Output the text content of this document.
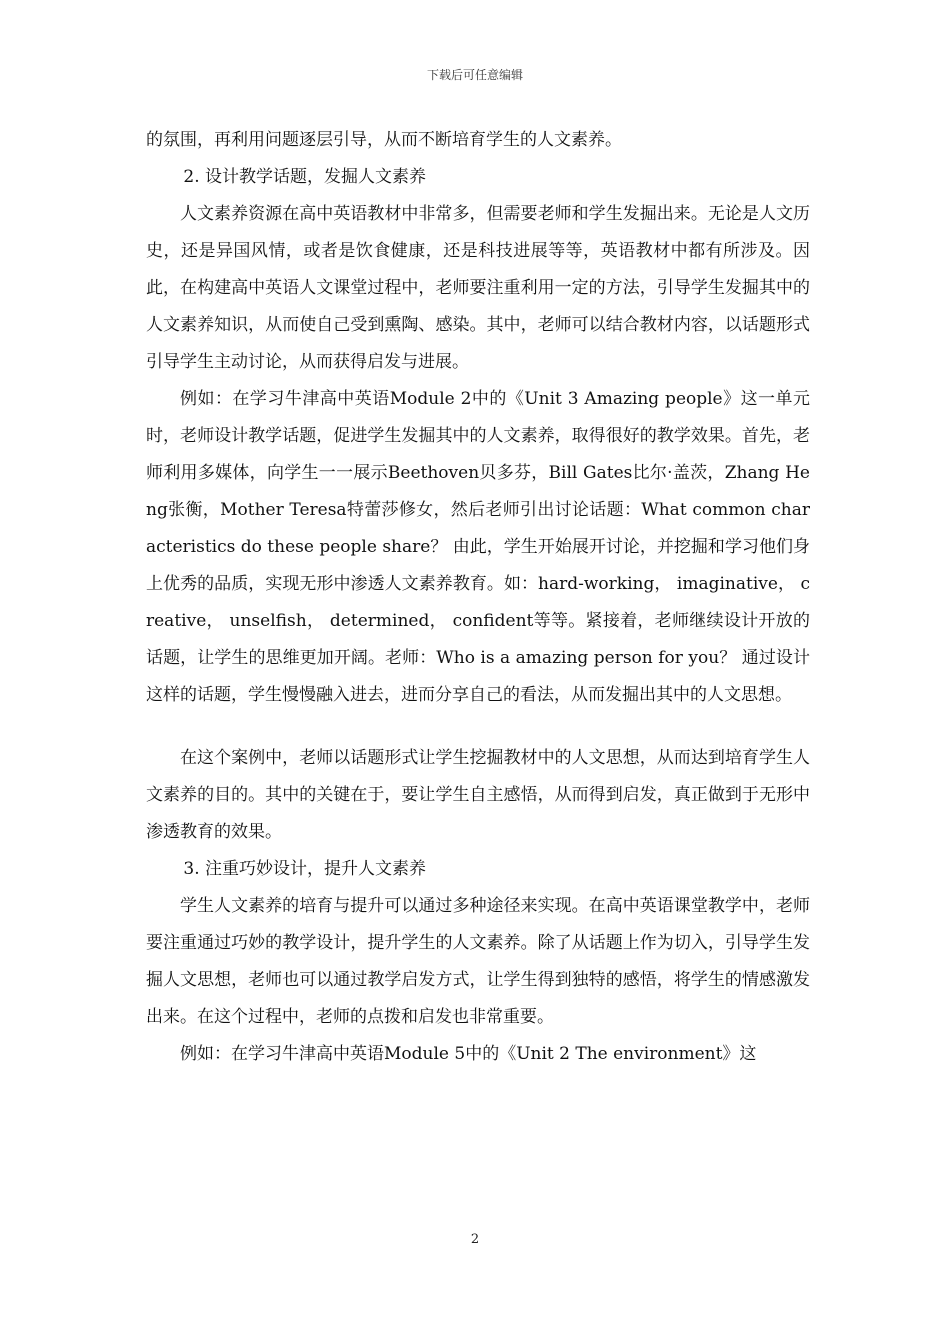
下载后可任意编辑

的氛围，再利用问题逐层引导，从而不断培育学生的人文素养。

2. 设计教学话题，发掘人文素养

人文素养资源在高中英语教材中非常多，但需要老师和学生发掘出来。无论是人文历史，还是异国风情，或者是饮食健康，还是科技进展等等，英语教材中都有所涉及。因此，在构建高中英语人文课堂过程中，老师要注重利用一定的方法，引导学生发掘其中的人文素养知识，从而使自己受到熏陶、感染。其中，老师可以结合教材内容，以话题形式引导学生主动讨论，从而获得启发与进展。

例如：在学习牛津高中英语Module 2中的《Unit 3 Amazing people》这一单元时，老师设计教学话题，促进学生发掘其中的人文素养，取得很好的教学效果。首先，老师利用多媒体，向学生一一展示Beethoven贝多芬，Bill Gates比尔·盖茨，Zhang Heng张衡，Mother Teresa特蕾莎修女，然后老师引出讨论话题：What common characteristics do these people share？ 由此，学生开始展开讨论，并挖掘和学习他们身上优秀的品质，实现无形中渗透人文素养教育。如：hard-working， imaginative， creative， unselfish， determined， confident等等。紧接着，老师继续设计开放的话题，让学生的思维更加开阔。老师：Who is a amazing person for you？ 通过设计这样的话题，学生慢慢融入进去，进而分享自己的看法，从而发掘出其中的人文思想。

在这个案例中，老师以话题形式让学生挖掘教材中的人文思想，从而达到培育学生人文素养的目的。其中的关键在于，要让学生自主感悟，从而得到启发，真正做到于无形中渗透教育的效果。

3. 注重巧妙设计，提升人文素养

学生人文素养的培育与提升可以通过多种途径来实现。在高中英语课堂教学中，老师要注重通过巧妙的教学设计，提升学生的人文素养。除了从话题上作为切入，引导学生发掘人文思想，老师也可以通过教学启发方式，让学生得到独特的感悟，将学生的情感激发出来。在这个过程中，老师的点拨和启发也非常重要。

例如：在学习牛津高中英语Module 5中的《Unit 2 The environment》这

2
